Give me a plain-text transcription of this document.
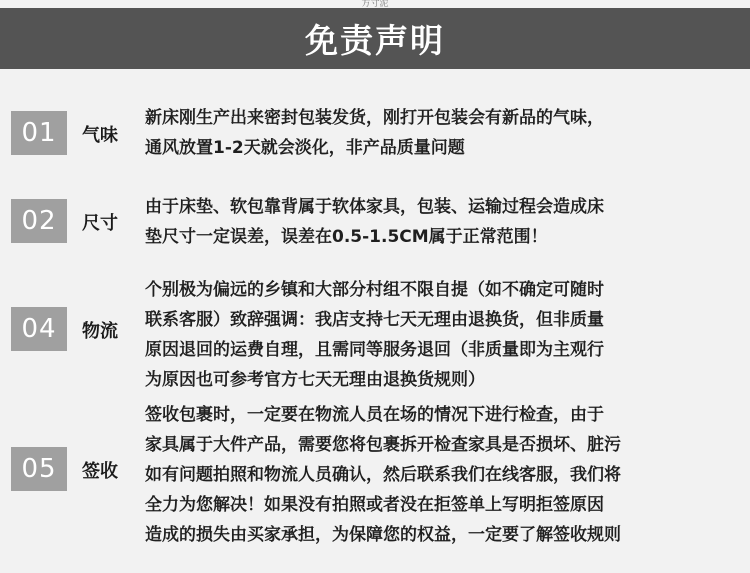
方寸泥
免责声明
01	气味
新床刚生产出来密封包装发货，刚打开包装会有新品的气味，
通风放置1-2天就会淡化，非产品质量问题
02	尺寸
由于床垫、软包靠背属于软体家具，包装、运输过程会造成床
垫尺寸一定误差，误差在0.5-1.5CM属于正常范围！
04	物流
个别极为偏远的乡镇和大部分村组不限自提（如不确定可随时
联系客服）致辞强调：我店支持七天无理由退换货，但非质量
原因退回的运费自理，且需同等服务退回（非质量即为主观行
为原因也可参考官方七天无理由退换货规则）
05	签收
签收包裹时，一定要在物流人员在场的情况下进行检查，由于
家具属于大件产品，需要您将包裹拆开检查家具是否损坏、脏污
如有问题拍照和物流人员确认，然后联系我们在线客服，我们将
全力为您解决！如果没有拍照或者没在拒签单上写明拒签原因
造成的损失由买家承担，为保障您的权益，一定要了解签收规则
